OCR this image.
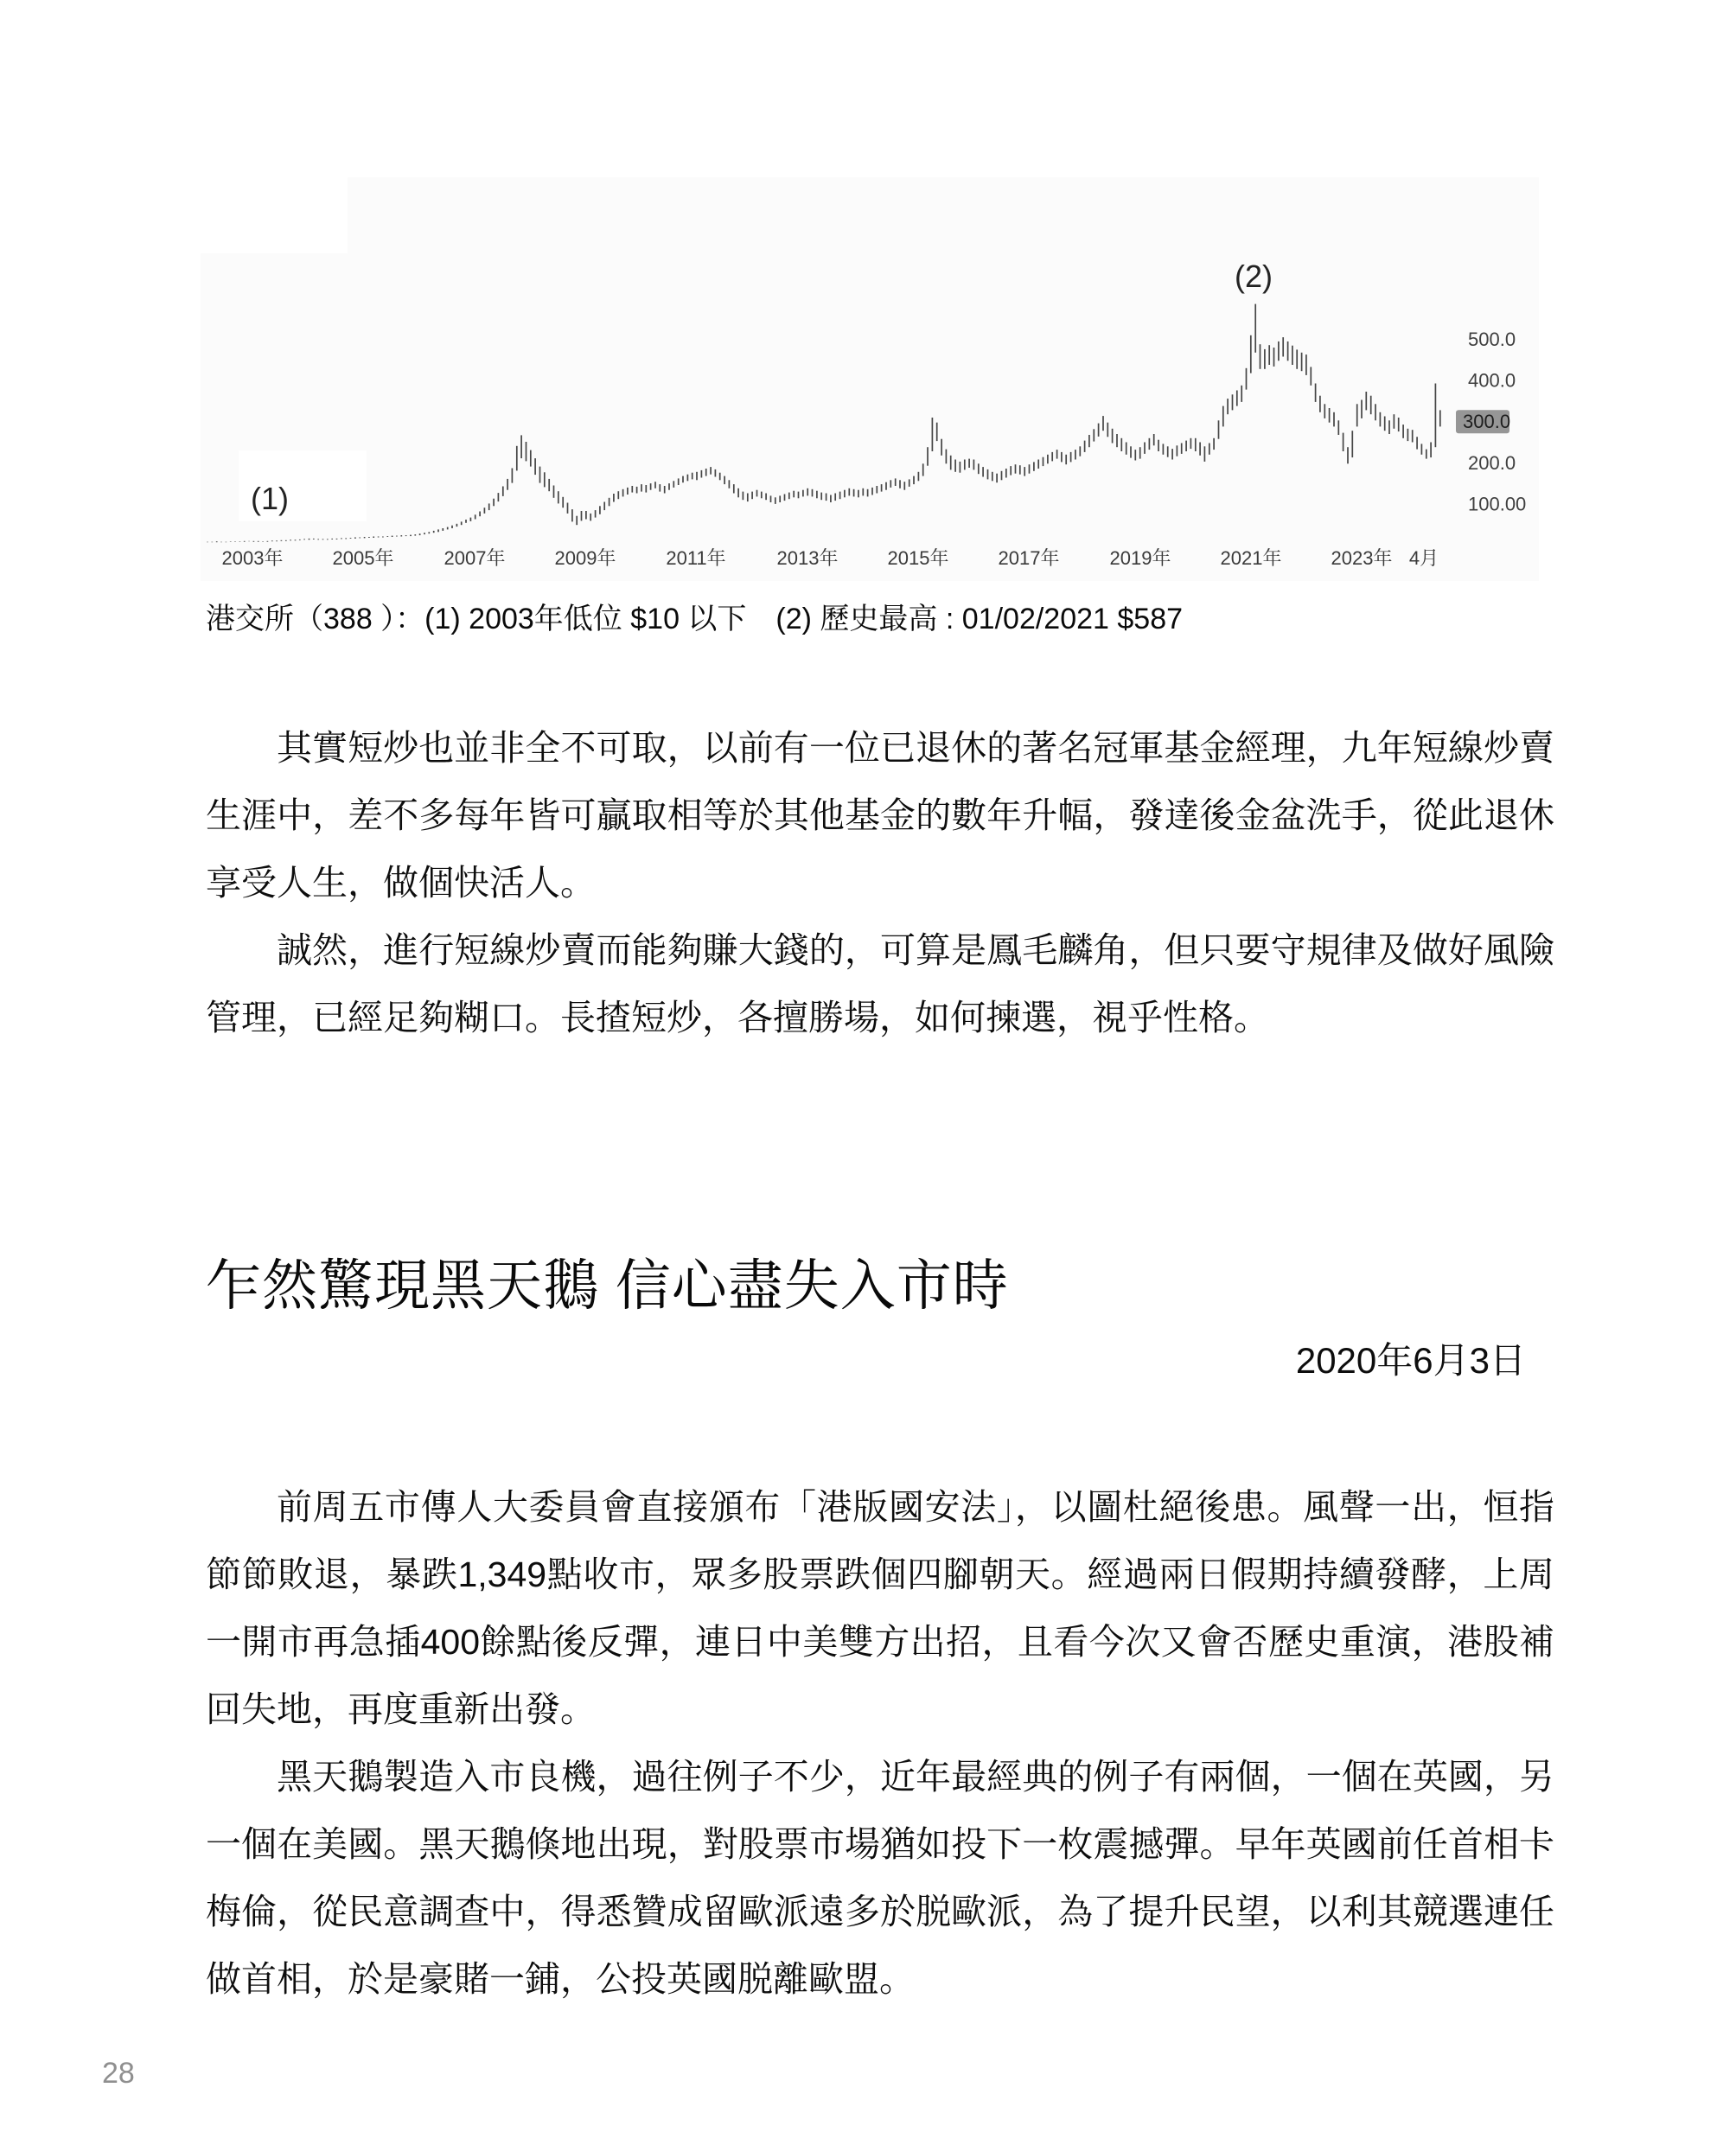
500.0
400.0
300.0
200.0
100.00
2003年	2005年	2007年	2009年	2011年	2013年	2015年	2017年	2019年	2021年	2023年 4月
(1)
(2)

港交所（388 ）：(1) 2003年低位 $10 以下　(2) 歷史最高 : 01/02/2021 $587

其實短炒也並非全不可取，以前有一位已退休的著名冠軍基金經理，九年短線炒賣生涯中，差不多每年皆可贏取相等於其他基金的數年升幅，發達後金盆洗手，從此退休享受人生，做個快活人。

誠然，進行短線炒賣而能夠賺大錢的，可算是鳳毛麟角，但只要守規律及做好風險管理，已經足夠糊口。長揸短炒，各擅勝場，如何揀選，視乎性格。

乍然驚現黑天鵝 信心盡失入市時
2020年6月3日

前周五市傳人大委員會直接頒布「港版國安法」，以圖杜絕後患。風聲一出，恒指節節敗退，暴跌1,349點收市，眾多股票跌個四腳朝天。經過兩日假期持續發酵，上周一開市再急插400餘點後反彈，連日中美雙方出招，且看今次又會否歷史重演，港股補回失地，再度重新出發。

黑天鵝製造入市良機，過往例子不少，近年最經典的例子有兩個，一個在英國，另一個在美國。黑天鵝倏地出現，對股票市場猶如投下一枚震撼彈。早年英國前任首相卡梅倫，從民意調查中，得悉贊成留歐派遠多於脱歐派，為了提升民望，以利其競選連任做首相，於是豪賭一鋪，公投英國脱離歐盟。

28
